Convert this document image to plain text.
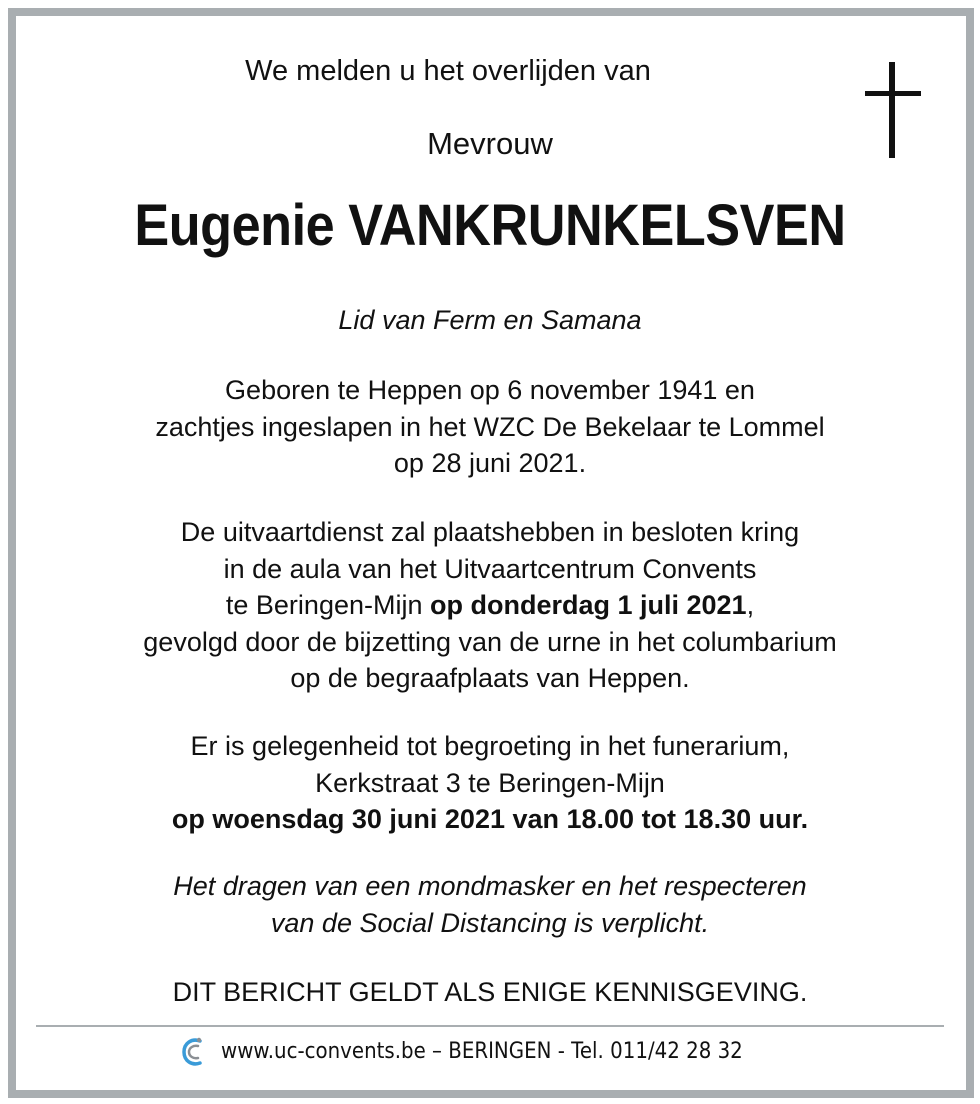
We melden u het overlijden van
Mevrouw
Eugenie VANKRUNKELSVEN
Lid van Ferm en Samana
Geboren te Heppen op 6 november 1941 en
zachtjes ingeslapen in het WZC De Bekelaar te Lommel
op 28 juni 2021.
De uitvaartdienst zal plaatshebben in besloten kring
in de aula van het Uitvaartcentrum Convents
te Beringen-Mijn op donderdag 1 juli 2021,
gevolgd door de bijzetting van de urne in het columbarium
op de begraafplaats van Heppen.
Er is gelegenheid tot begroeting in het funerarium,
Kerkstraat 3 te Beringen-Mijn
op woensdag 30 juni 2021 van 18.00 tot 18.30 uur.
Het dragen van een mondmasker en het respecteren
van de Social Distancing is verplicht.
DIT BERICHT GELDT ALS ENIGE KENNISGEVING.
www.uc-convents.be – BERINGEN - Tel. 011/42 28 32
